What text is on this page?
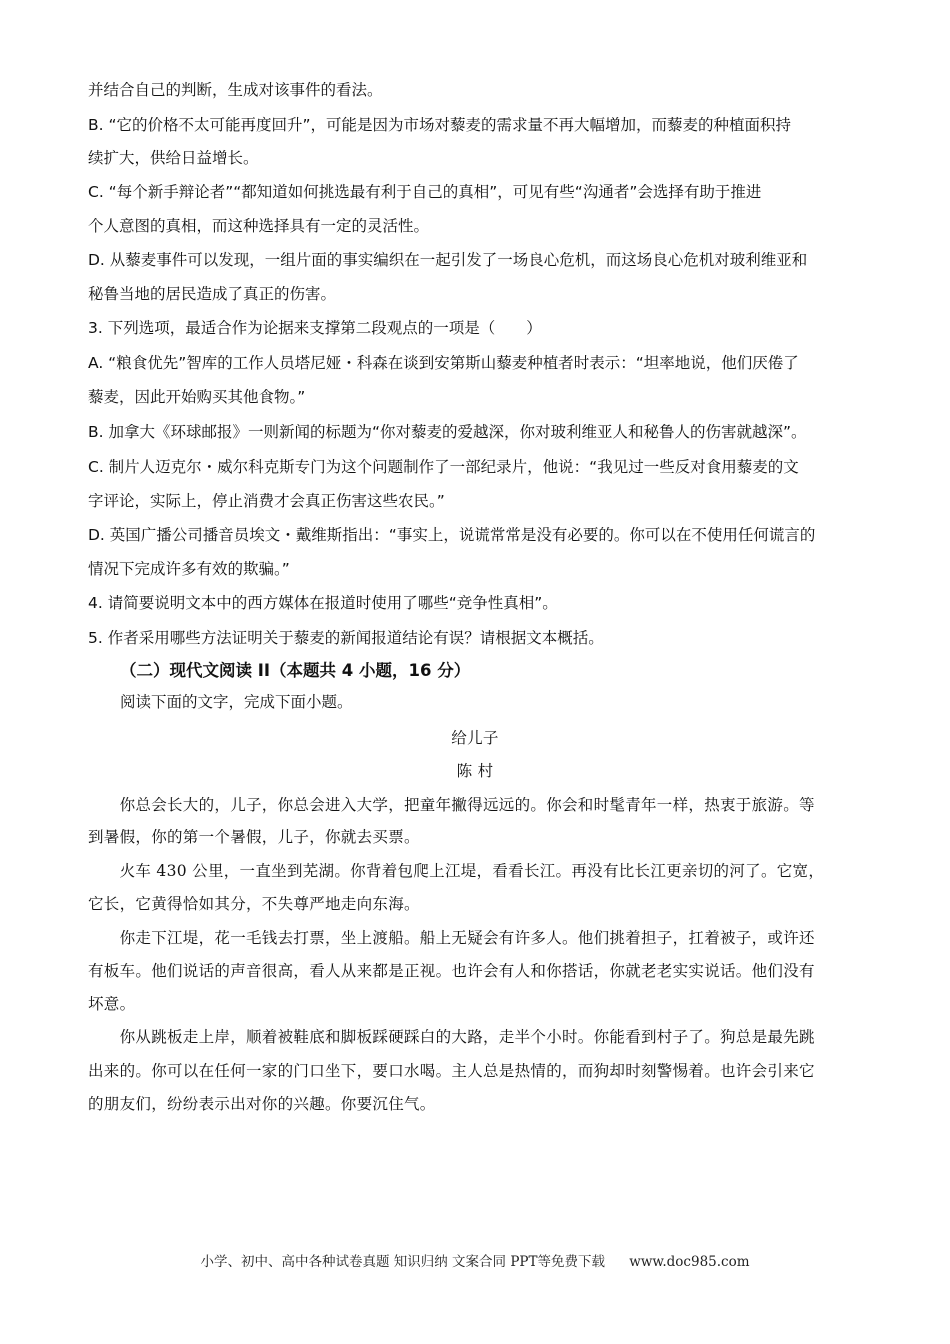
并结合自己的判断，生成对该事件的看法。
B. “它的价格不太可能再度回升”，可能是因为市场对藜麦的需求量不再大幅增加，而藜麦的种植面积持
续扩大，供给日益增长。
C. “每个新手辩论者”“都知道如何挑选最有利于自己的真相”，可见有些“沟通者”会选择有助于推进
个人意图的真相，而这种选择具有一定的灵活性。
D. 从藜麦事件可以发现，一组片面的事实编织在一起引发了一场良心危机，而这场良心危机对玻利维亚和
秘鲁当地的居民造成了真正的伤害。
3. 下列选项，最适合作为论据来支撑第二段观点的一项是（　　）
A. “粮食优先”智库的工作人员塔尼娅・科森在谈到安第斯山藜麦种植者时表示：“坦率地说，他们厌倦了
藜麦，因此开始购买其他食物。”
B. 加拿大《环球邮报》一则新闻的标题为“你对藜麦的爱越深，你对玻利维亚人和秘鲁人的伤害就越深”。
C. 制片人迈克尔・威尔科克斯专门为这个问题制作了一部纪录片，他说：“我见过一些反对食用藜麦的文
字评论，实际上，停止消费才会真正伤害这些农民。”
D. 英国广播公司播音员埃文・戴维斯指出：“事实上，说谎常常是没有必要的。你可以在不使用任何谎言的
情况下完成许多有效的欺骗。”
4. 请简要说明文本中的西方媒体在报道时使用了哪些“竞争性真相”。
5. 作者采用哪些方法证明关于藜麦的新闻报道结论有误？请根据文本概括。
（二）现代文阅读 II（本题共 4 小题，16 分）
阅读下面的文字，完成下面小题。
给儿子
陈 村
　　你总会长大的，儿子，你总会进入大学，把童年撇得远远的。你会和时髦青年一样，热衷于旅游。等
到暑假，你的第一个暑假，儿子，你就去买票。
　　火车 430 公里，一直坐到芜湖。你背着包爬上江堤，看看长江。再没有比长江更亲切的河了。它宽，
它长，它黄得恰如其分，不失尊严地走向东海。
　　你走下江堤，花一毛钱去打票，坐上渡船。船上无疑会有许多人。他们挑着担子，扛着被子，或许还
有板车。他们说话的声音很高，看人从来都是正视。也许会有人和你搭话，你就老老实实说话。他们没有
坏意。
　　你从跳板走上岸，顺着被鞋底和脚板踩硬踩白的大路，走半个小时。你能看到村子了。狗总是最先跳
出来的。你可以在任何一家的门口坐下，要口水喝。主人总是热情的，而狗却时刻警惕着。也许会引来它
的朋友们，纷纷表示出对你的兴趣。你要沉住气。
小学、初中、高中各种试卷真题 知识归纳 文案合同 PPT等免费下载 www.doc985.com
